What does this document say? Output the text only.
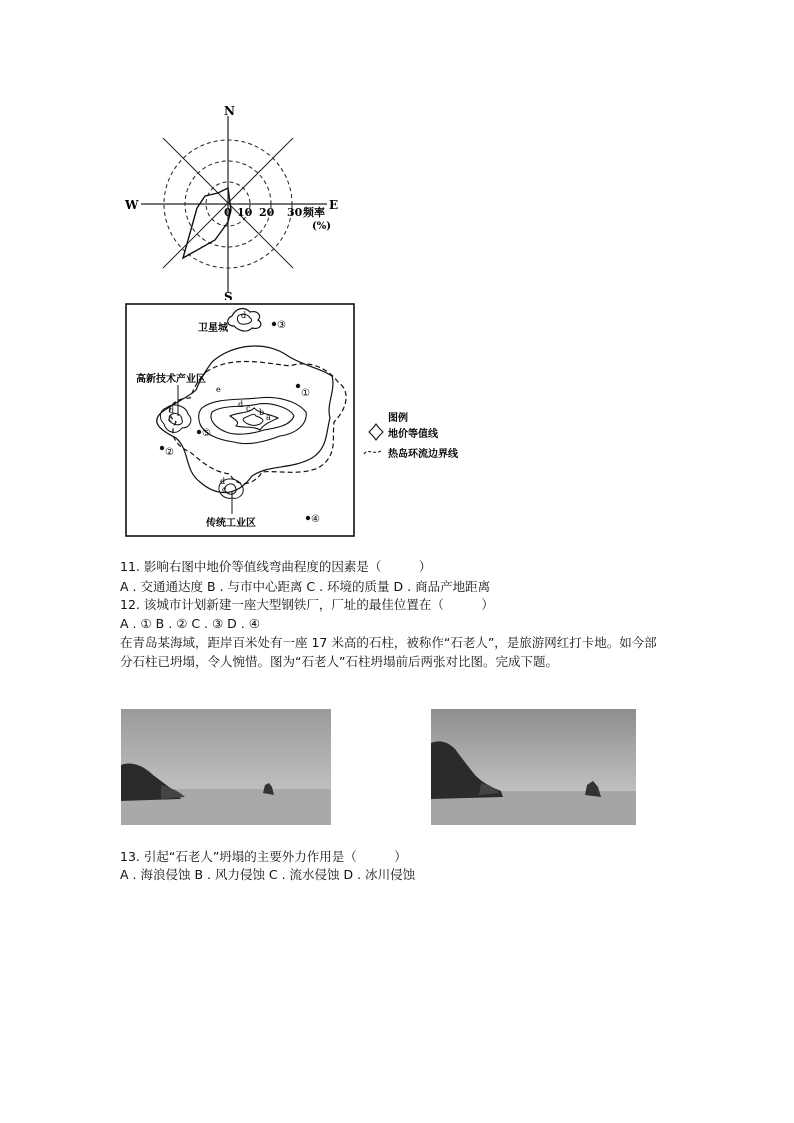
N
S
W	E
0 10 20 30 频率
(%)
d
③
卫星城
d c b
a
e
d
c
高新技术产业区
⑤
②
①
d
c
传统工业区	④
图例
地价等值线
热岛环流边界线
11. 影响右图中地价等值线弯曲程度的因素是（　　　）
A . 交通通达度 B . 与市中心距离 C . 环境的质量 D . 商品产地距离
12. 该城市计划新建一座大型钢铁厂，厂址的最佳位置在（　　　）
A . ① B . ② C . ③ D . ④
在青岛某海域，距岸百米处有一座 17 米高的石柱，被称作“石老人”，是旅游网红打卡地。如今部分石柱已坍塌，令人惋惜。图为“石老人”石柱坍塌前后两张对比图。完成下题。
13. 引起“石老人”坍塌的主要外力作用是（　　　）
A . 海浪侵蚀 B . 风力侵蚀 C . 流水侵蚀 D . 冰川侵蚀
